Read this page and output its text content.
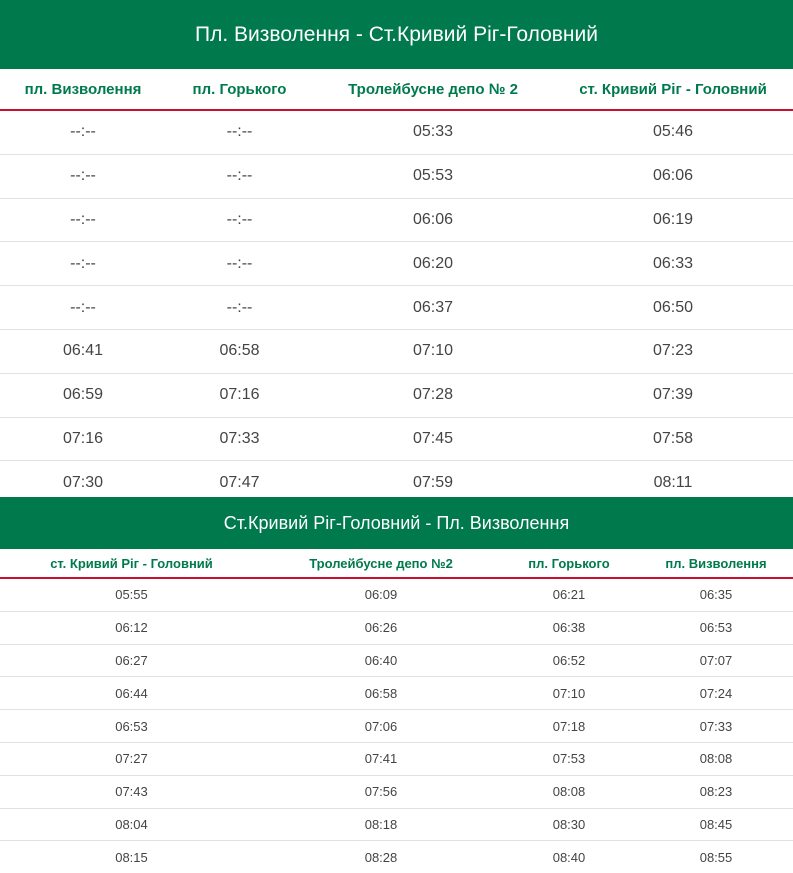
Пл. Визволення - Ст.Кривий Ріг-Головний
пл. Визволення	пл. Горького	Тролейбусне депо № 2	ст. Кривий Ріг - Головний
--:--	--:--	05:33	05:46
--:--	--:--	05:53	06:06
--:--	--:--	06:06	06:19
--:--	--:--	06:20	06:33
--:--	--:--	06:37	06:50
06:41	06:58	07:10	07:23
06:59	07:16	07:28	07:39
07:16	07:33	07:45	07:58
07:30	07:47	07:59	08:11
Ст.Кривий Ріг-Головний - Пл. Визволення
ст. Кривий Ріг - Головний	Тролейбусне депо №2	пл. Горького	пл. Визволення
05:55	06:09	06:21	06:35
06:12	06:26	06:38	06:53
06:27	06:40	06:52	07:07
06:44	06:58	07:10	07:24
06:53	07:06	07:18	07:33
07:27	07:41	07:53	08:08
07:43	07:56	08:08	08:23
08:04	08:18	08:30	08:45
08:15	08:28	08:40	08:55
